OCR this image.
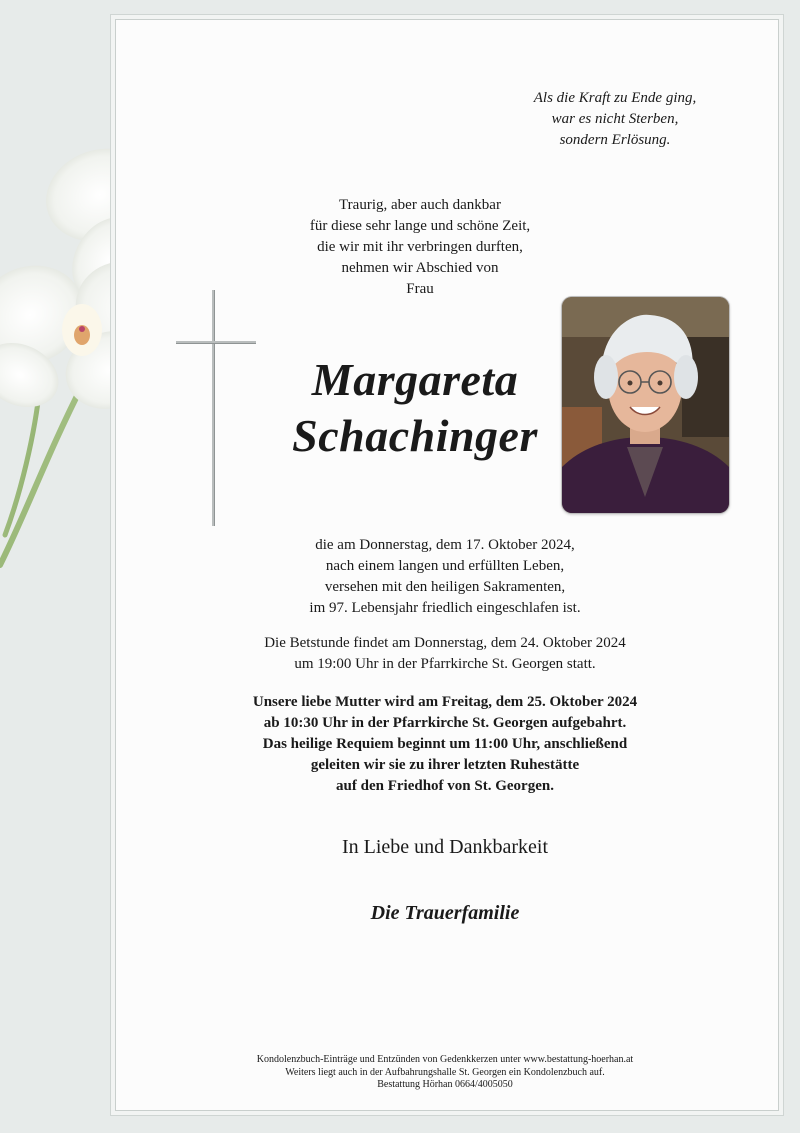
Als die Kraft zu Ende ging,
war es nicht Sterben,
sondern Erlösung.
Traurig, aber auch dankbar
für diese sehr lange und schöne Zeit,
die wir mit ihr verbringen durften,
nehmen wir Abschied von
Frau
Margareta
Schachinger
die am Donnerstag, dem 17. Oktober 2024,
nach einem langen und erfüllten Leben,
versehen mit den heiligen Sakramenten,
im 97. Lebensjahr friedlich eingeschlafen ist.
Die Betstunde findet am Donnerstag, dem 24. Oktober 2024
um 19:00 Uhr in der Pfarrkirche St. Georgen statt.
Unsere liebe Mutter wird am Freitag, dem 25. Oktober 2024
ab 10:30 Uhr in der Pfarrkirche St. Georgen aufgebahrt.
Das heilige Requiem beginnt um 11:00 Uhr, anschließend
geleiten wir sie zu ihrer letzten Ruhestätte
auf den Friedhof von St. Georgen.
In Liebe und Dankbarkeit
Die Trauerfamilie
Kondolenzbuch-Einträge und Entzünden von Gedenkkerzen unter www.bestattung-hoerhan.at
Weiters liegt auch in der Aufbahrungshalle St. Georgen ein Kondolenzbuch auf.
Bestattung Hörhan 0664/4005050
